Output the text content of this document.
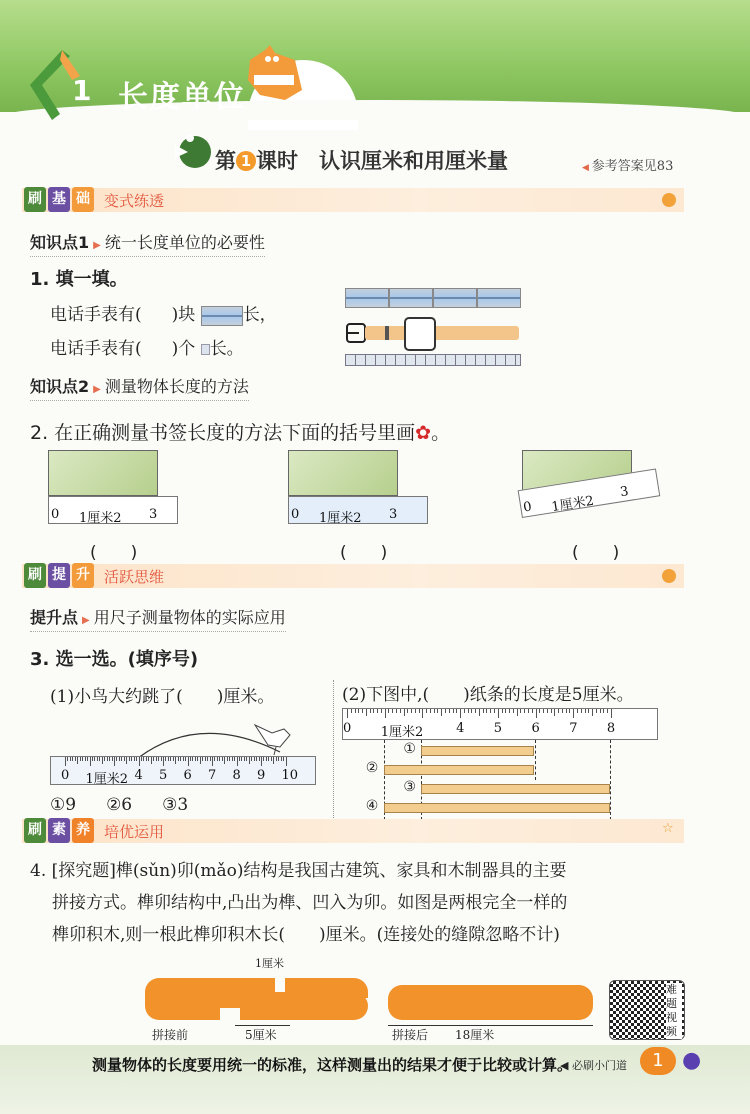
1 长度单位
第 1 课时　认识厘米和用厘米量	◀ 参考答案见83
刷 基 础 变式练透
知识点1 ▶ 统一长度单位的必要性
1. 填一填。
电话手表有( )块	长，
电话手表有( )个 长。
知识点2 ▶ 测量物体长度的方法
2. 在正确测量书签长度的方法下面的括号里画✿。
0 1厘米2 3	0 1厘米2 3	0 1厘米2
3
(　　)	(　　)	(　　)
刷 提 升 活跃思维
提升点 ▶ 用尺子测量物体的实际应用
3. 选一选。(填序号)
(1)小鸟大约跳了(　　)厘米。	(2)下图中,(　　)纸条的长度是5厘米。
0 1厘米2 4 5 6 7 8 9 10
①9 ②6 ③3
0 1厘米2	4 5 6 7 8
①
②
③
④
刷 素 养 培优运用	☆
4. [探究题]榫(sǔn)卯(mǎo)结构是我国古建筑、家具和木制器具的主要
拼接方式。榫卯结构中,凸出为榫、凹入为卯。如图是两根完全一样的
榫卯积木,则一根此榫卯积木长(　　)厘米。(连接处的缝隙忽略不计)
1厘米
拼接前	5厘米	拼接后 18厘米
难题视频
测量物体的长度要用统一的标准，这样测量出的结果才便于比较或计算。
◀ 必刷小门道	1 ●
